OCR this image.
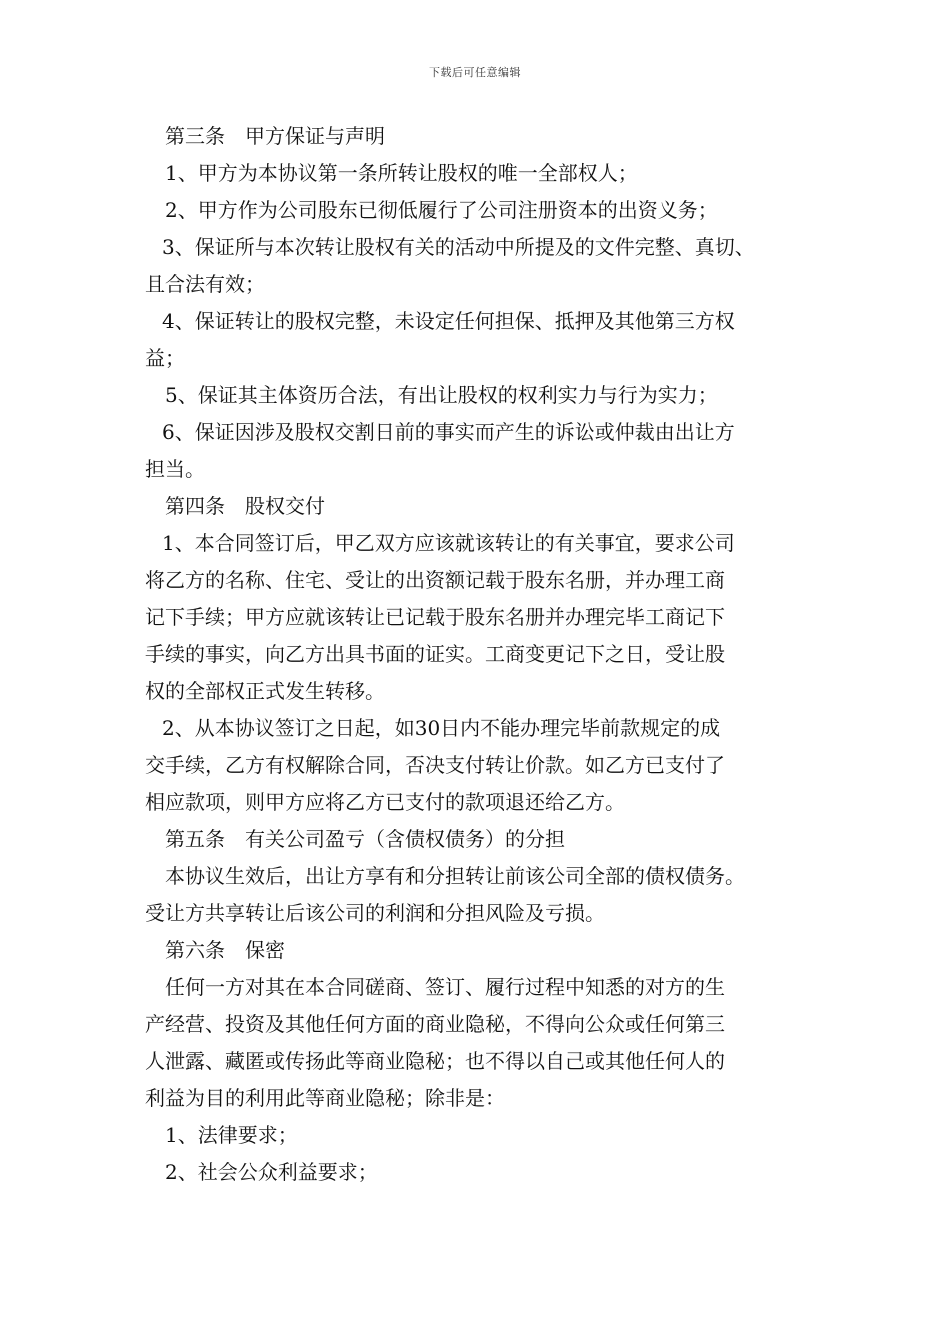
下载后可任意编辑
第三条　甲方保证与声明
1、甲方为本协议第一条所转让股权的唯一全部权人；
2、甲方作为公司股东已彻低履行了公司注册资本的出资义务；
3、保证所与本次转让股权有关的活动中所提及的文件完整、真切、
且合法有效；
4、保证转让的股权完整，未设定任何担保、抵押及其他第三方权
益；
5、保证其主体资历合法，有出让股权的权利实力与行为实力；
6、保证因涉及股权交割日前的事实而产生的诉讼或仲裁由出让方
担当。
第四条　股权交付
1、本合同签订后，甲乙双方应该就该转让的有关事宜，要求公司
将乙方的名称、住宅、受让的出资额记载于股东名册，并办理工商
记下手续；甲方应就该转让已记载于股东名册并办理完毕工商记下
手续的事实，向乙方出具书面的证实。工商变更记下之日，受让股
权的全部权正式发生转移。
2、从本协议签订之日起，如30日内不能办理完毕前款规定的成
交手续，乙方有权解除合同，否决支付转让价款。如乙方已支付了
相应款项，则甲方应将乙方已支付的款项退还给乙方。
第五条　有关公司盈亏（含债权债务）的分担
本协议生效后，出让方享有和分担转让前该公司全部的债权债务。
受让方共享转让后该公司的利润和分担风险及亏损。
第六条　保密
任何一方对其在本合同磋商、签订、履行过程中知悉的对方的生
产经营、投资及其他任何方面的商业隐秘，不得向公众或任何第三
人泄露、藏匿或传扬此等商业隐秘；也不得以自己或其他任何人的
利益为目的利用此等商业隐秘；除非是：
1、法律要求；
2、社会公众利益要求；
